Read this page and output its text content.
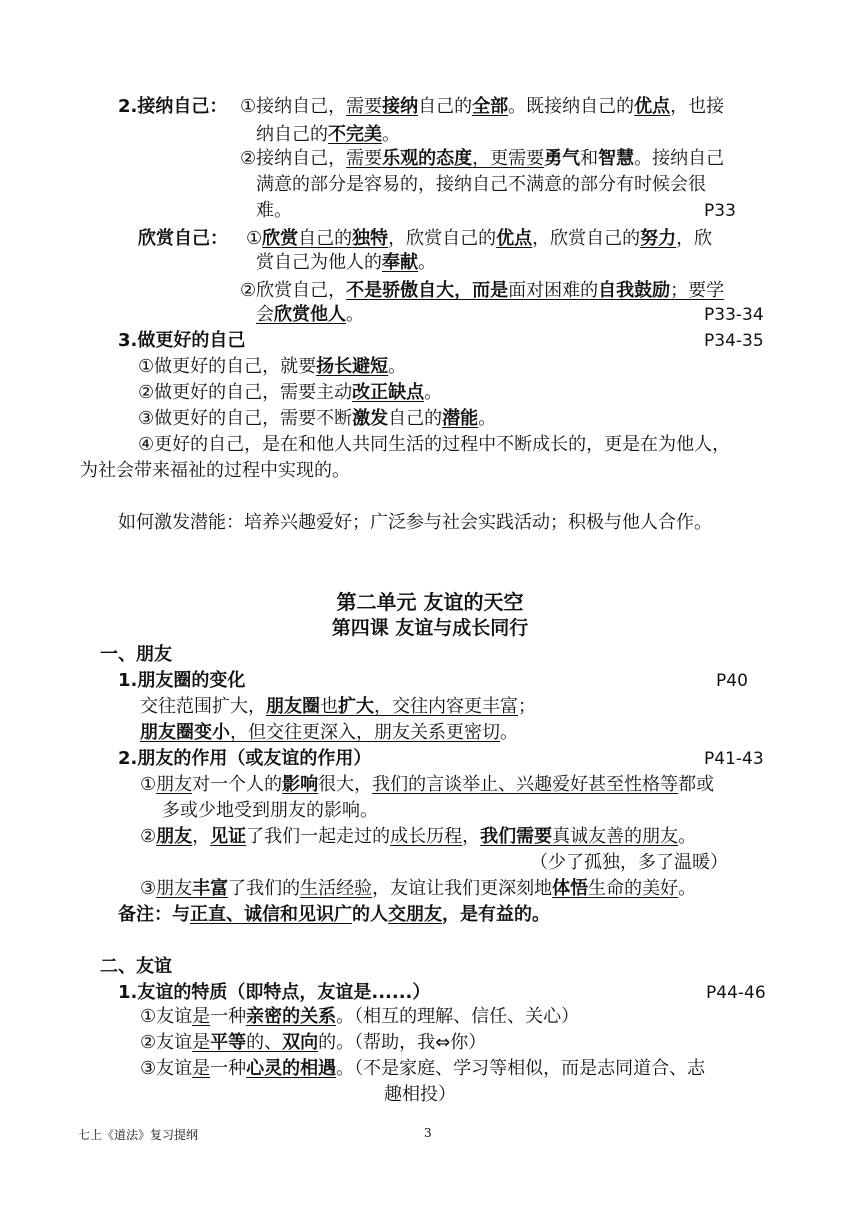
2.接纳自己： ①接纳自己，需要接纳自己的全部。既接纳自己的优点，也接
纳自己的不完美。
②接纳自己，需要乐观的态度，更需要勇气和智慧。接纳自己
满意的部分是容易的，接纳自己不满意的部分有时候会很
难。	P33
欣赏自己： ①欣赏自己的独特，欣赏自己的优点，欣赏自己的努力，欣
赏自己为他人的奉献。
②欣赏自己，不是骄傲自大，而是面对困难的自我鼓励；要学
会欣赏他人。	P33-34
3.做更好的自己	P34-35
①做更好的自己，就要扬长避短。
②做更好的自己，需要主动改正缺点。
③做更好的自己，需要不断激发自己的潜能。
④更好的自己，是在和他人共同生活的过程中不断成长的，更是在为他人，
为社会带来福祉的过程中实现的。
如何激发潜能：培养兴趣爱好；广泛参与社会实践活动；积极与他人合作。
第二单元 友谊的天空
第四课 友谊与成长同行
一、朋友
1.朋友圈的变化	P40
交往范围扩大，朋友圈也扩大，交往内容更丰富；
朋友圈变小，但交往更深入，朋友关系更密切。
2.朋友的作用（或友谊的作用）	P41-43
①朋友对一个人的影响很大，我们的言谈举止、兴趣爱好甚至性格等都或
多或少地受到朋友的影响。
②朋友，见证了我们一起走过的成长历程，我们需要真诚友善的朋友。
（少了孤独，多了温暖）
③朋友丰富了我们的生活经验，友谊让我们更深刻地体悟生命的美好。
备注：与正直、诚信和见识广的人交朋友，是有益的。
二、友谊
1.友谊的特质（即特点，友谊是......）	P44-46
①友谊是一种亲密的关系。（相互的理解、信任、关心）
②友谊是平等的、双向的。（帮助，我⇔你）
③友谊是一种心灵的相遇。（不是家庭、学习等相似，而是志同道合、志
趣相投）
七上《道法》复习提纲	3
